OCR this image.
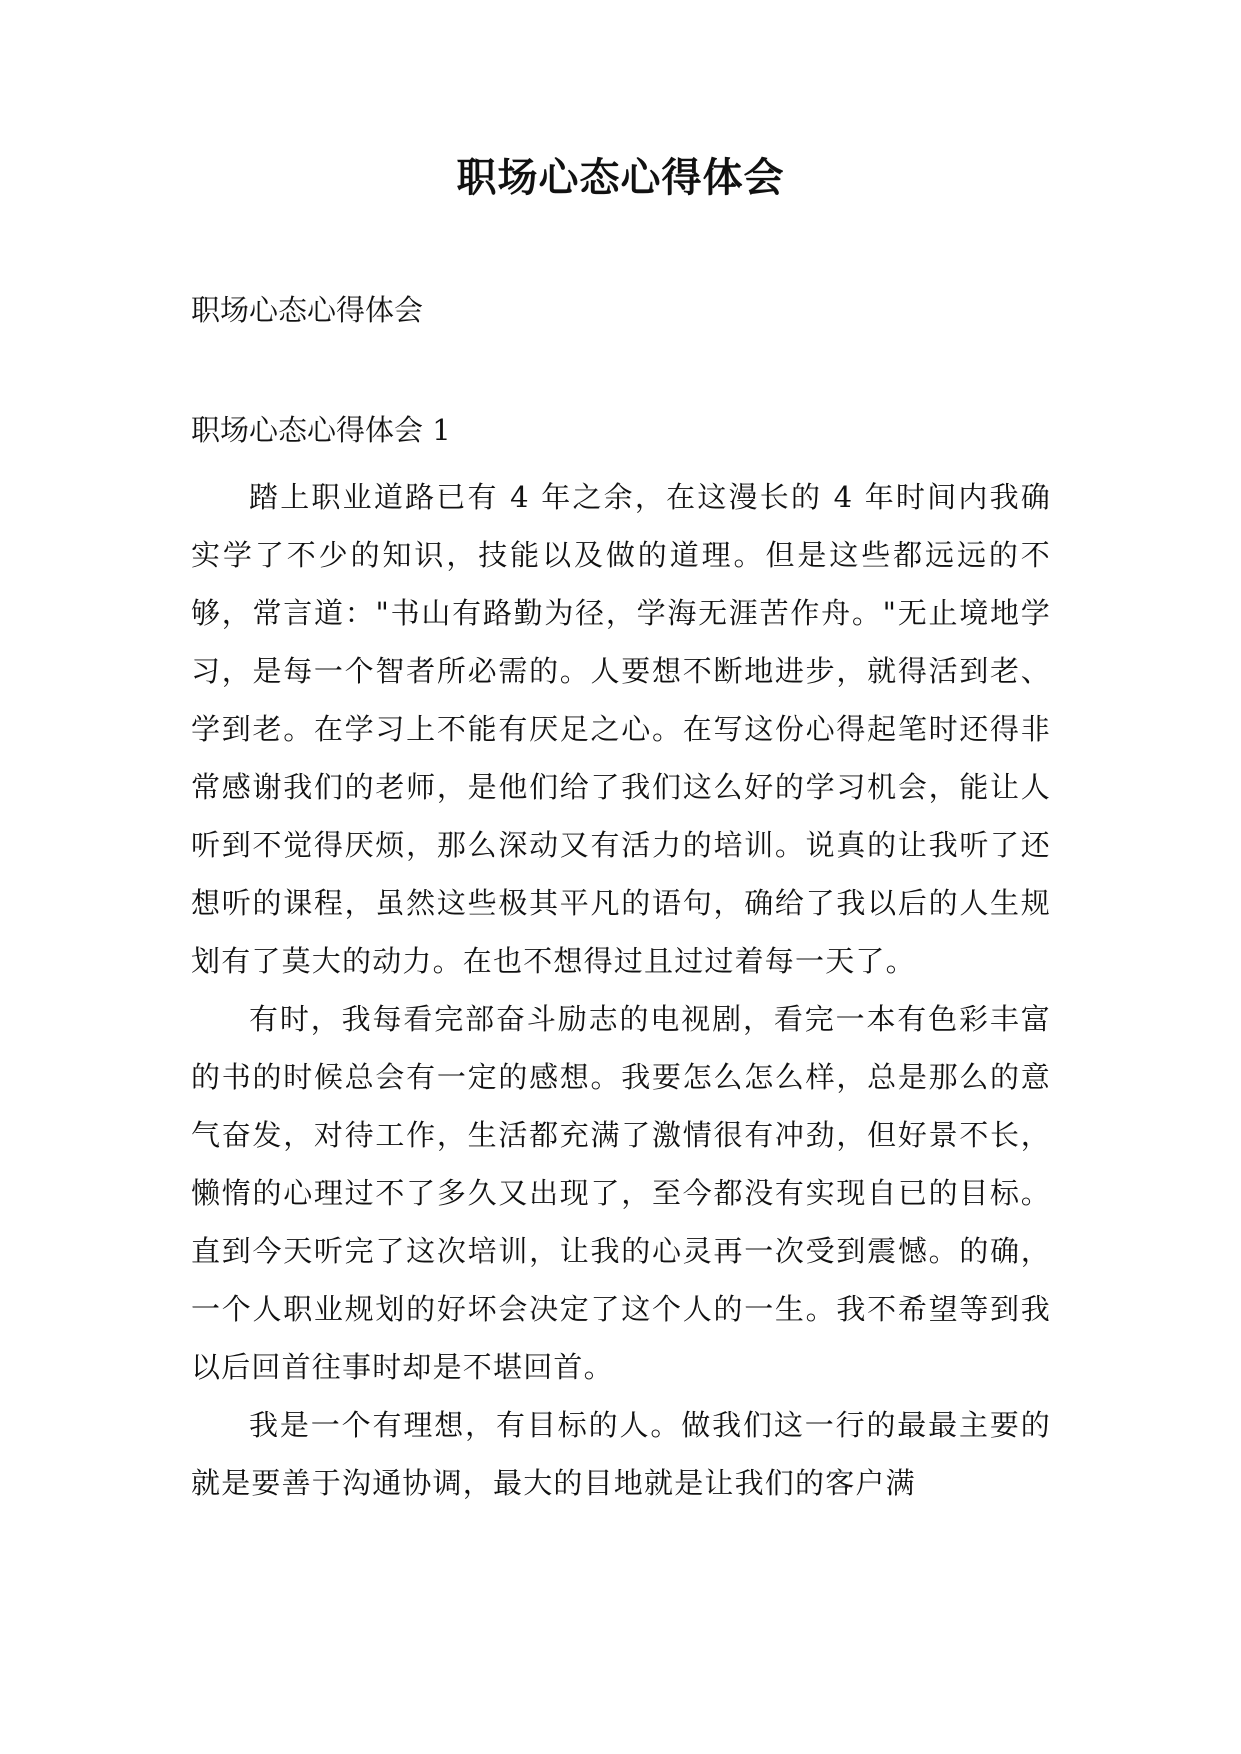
职场心态心得体会
职场心态心得体会
职场心态心得体会 1

踏上职业道路已有 4 年之余，在这漫长的 4 年时间内我确实学了不少的知识，技能以及做的道理。但是这些都远远的不够，常言道："书山有路勤为径，学海无涯苦作舟。"无止境地学习，是每一个智者所必需的。人要想不断地进步，就得活到老、学到老。在学习上不能有厌足之心。在写这份心得起笔时还得非常感谢我们的老师，是他们给了我们这么好的学习机会，能让人听到不觉得厌烦，那么深动又有活力的培训。说真的让我听了还想听的课程，虽然这些极其平凡的语句，确给了我以后的人生规划有了莫大的动力。在也不想得过且过过着每一天了。

有时，我每看完部奋斗励志的电视剧，看完一本有色彩丰富的书的时候总会有一定的感想。我要怎么怎么样，总是那么的意气奋发，对待工作，生活都充满了激情很有冲劲，但好景不长，懒惰的心理过不了多久又出现了，至今都没有实现自已的目标。直到今天听完了这次培训，让我的心灵再一次受到震憾。的确，一个人职业规划的好坏会决定了这个人的一生。我不希望等到我以后回首往事时却是不堪回首。

我是一个有理想，有目标的人。做我们这一行的最最主要的就是要善于沟通协调，最大的目地就是让我们的客户满
